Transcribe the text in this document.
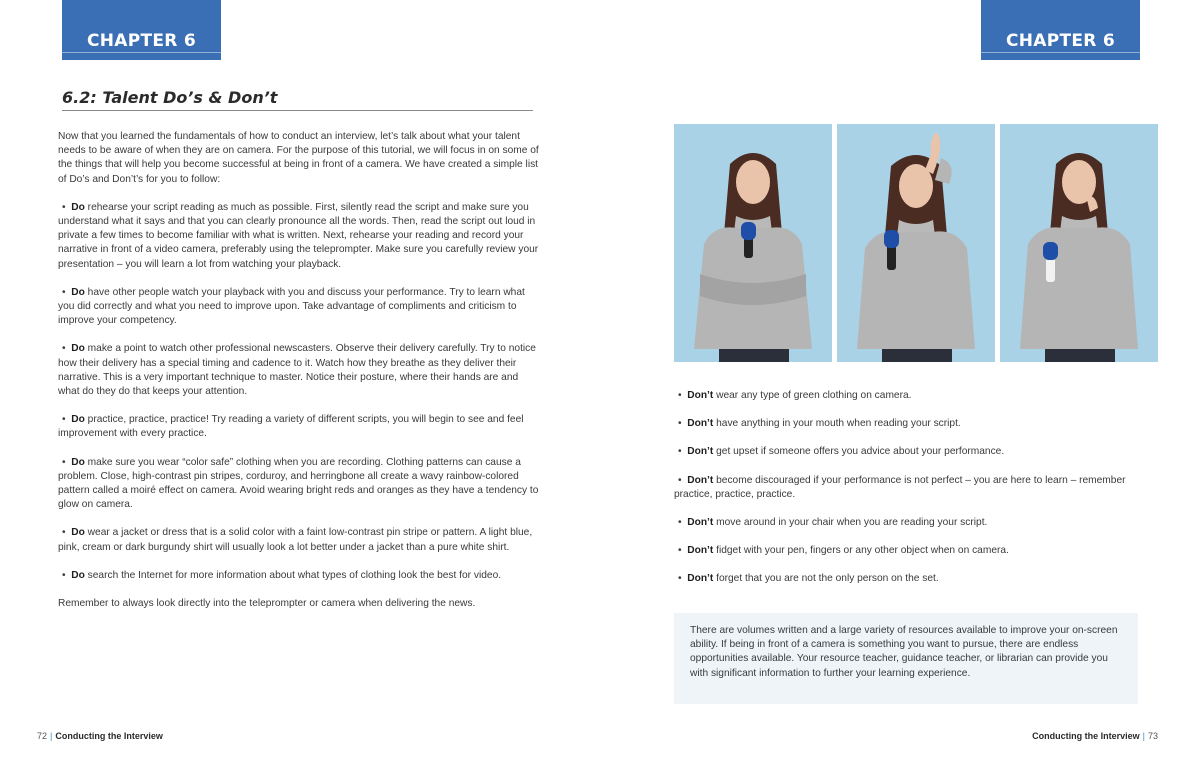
CHAPTER 6	CHAPTER 6
6.2: Talent Do’s & Don’t

Now that you learned the fundamentals of how to conduct an interview, let’s talk about what your talent needs to be aware of when they are on camera. For the purpose of this tutorial, we will focus in on some of the things that will help you become successful at being in front of a camera. We have created a simple list of Do’s and Don’t’s for you to follow:

• Do rehearse your script reading as much as possible. First, silently read the script and make sure you understand what it says and that you can clearly pronounce all the words. Then, read the script out loud in private a few times to become familiar with what is written. Next, rehearse your reading and record your narrative in front of a video camera, preferably using the teleprompter. Make sure you carefully review your presentation – you will learn a lot from watching your playback.

• Do have other people watch your playback with you and discuss your performance. Try to learn what you did correctly and what you need to improve upon. Take advantage of compliments and criticism to improve your competency.

• Do make a point to watch other professional newscasters. Observe their delivery carefully. Try to notice how their delivery has a special timing and cadence to it. Watch how they breathe as they deliver their narrative. This is a very important technique to master. Notice their posture, where their hands are and what do they do that keeps your attention.

• Do practice, practice, practice! Try reading a variety of different scripts, you will begin to see and feel improvement with every practice.

• Do make sure you wear “color safe” clothing when you are recording. Clothing patterns can cause a problem. Close, high-contrast pin stripes, corduroy, and herringbone all create a wavy rainbow-colored pattern called a moiré effect on camera. Avoid wearing bright reds and oranges as they have a tendency to glow on camera.

• Do wear a jacket or dress that is a solid color with a faint low-contrast pin stripe or pattern. A light blue, pink, cream or dark burgundy shirt will usually look a lot better under a jacket than a pure white shirt.

• Do search the Internet for more information about what types of clothing look the best for video.

Remember to always look directly into the teleprompter or camera when delivering the news.

• Don’t wear any type of green clothing on camera.

• Don’t have anything in your mouth when reading your script.

• Don’t get upset if someone offers you advice about your performance.

• Don’t become discouraged if your performance is not perfect – you are here to learn – remember practice, practice, practice.

• Don’t move around in your chair when you are reading your script.

• Don’t fidget with your pen, fingers or any other object when on camera.

• Don’t forget that you are not the only person on the set.

There are volumes written and a large variety of resources available to improve your on-screen ability. If being in front of a camera is something you want to pursue, there are endless opportunities available. Your resource teacher, guidance teacher, or librarian can provide you with significant information to further your learning experience.
72 | Conducting the Interview	Conducting the Interview | 73
